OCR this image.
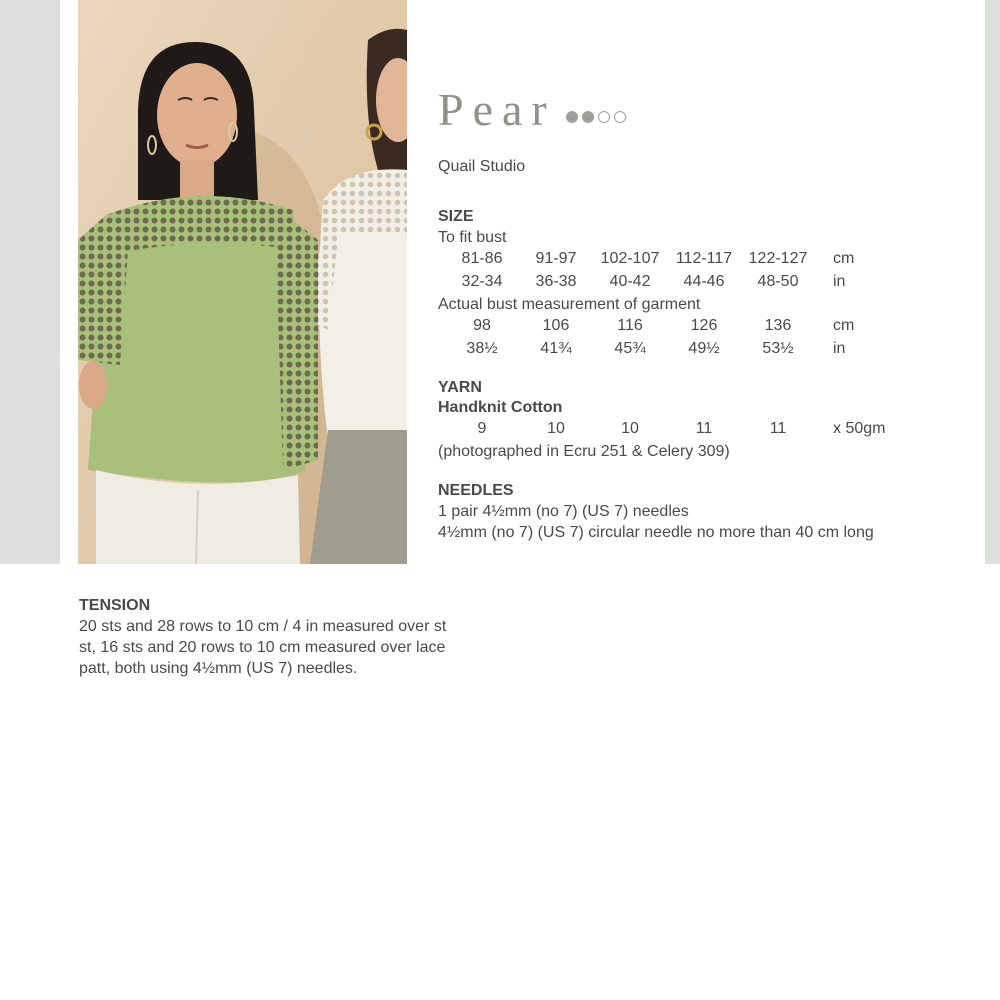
Pear
Quail Studio
SIZE
To fit bust
81-86 91-97 102-107 112-117 122-127 cm
32-34 36-38 40-42 44-46 48-50 in
Actual bust measurement of garment
98	106	116	126	136	cm
38½	41¾	45¾	49½	53½ in
YARN
Handknit Cotton
9	10	10	11	11	x 50gm
(photographed in Ecru 251 & Celery 309)
NEEDLES
1 pair 4½mm (no 7) (US 7) needles
4½mm (no 7) (US 7) circular needle no more than 40 cm long
TENSION
20 sts and 28 rows to 10 cm / 4 in measured over st
st, 16 sts and 20 rows to 10 cm measured over lace
patt, both using 4½mm (US 7) needles.
